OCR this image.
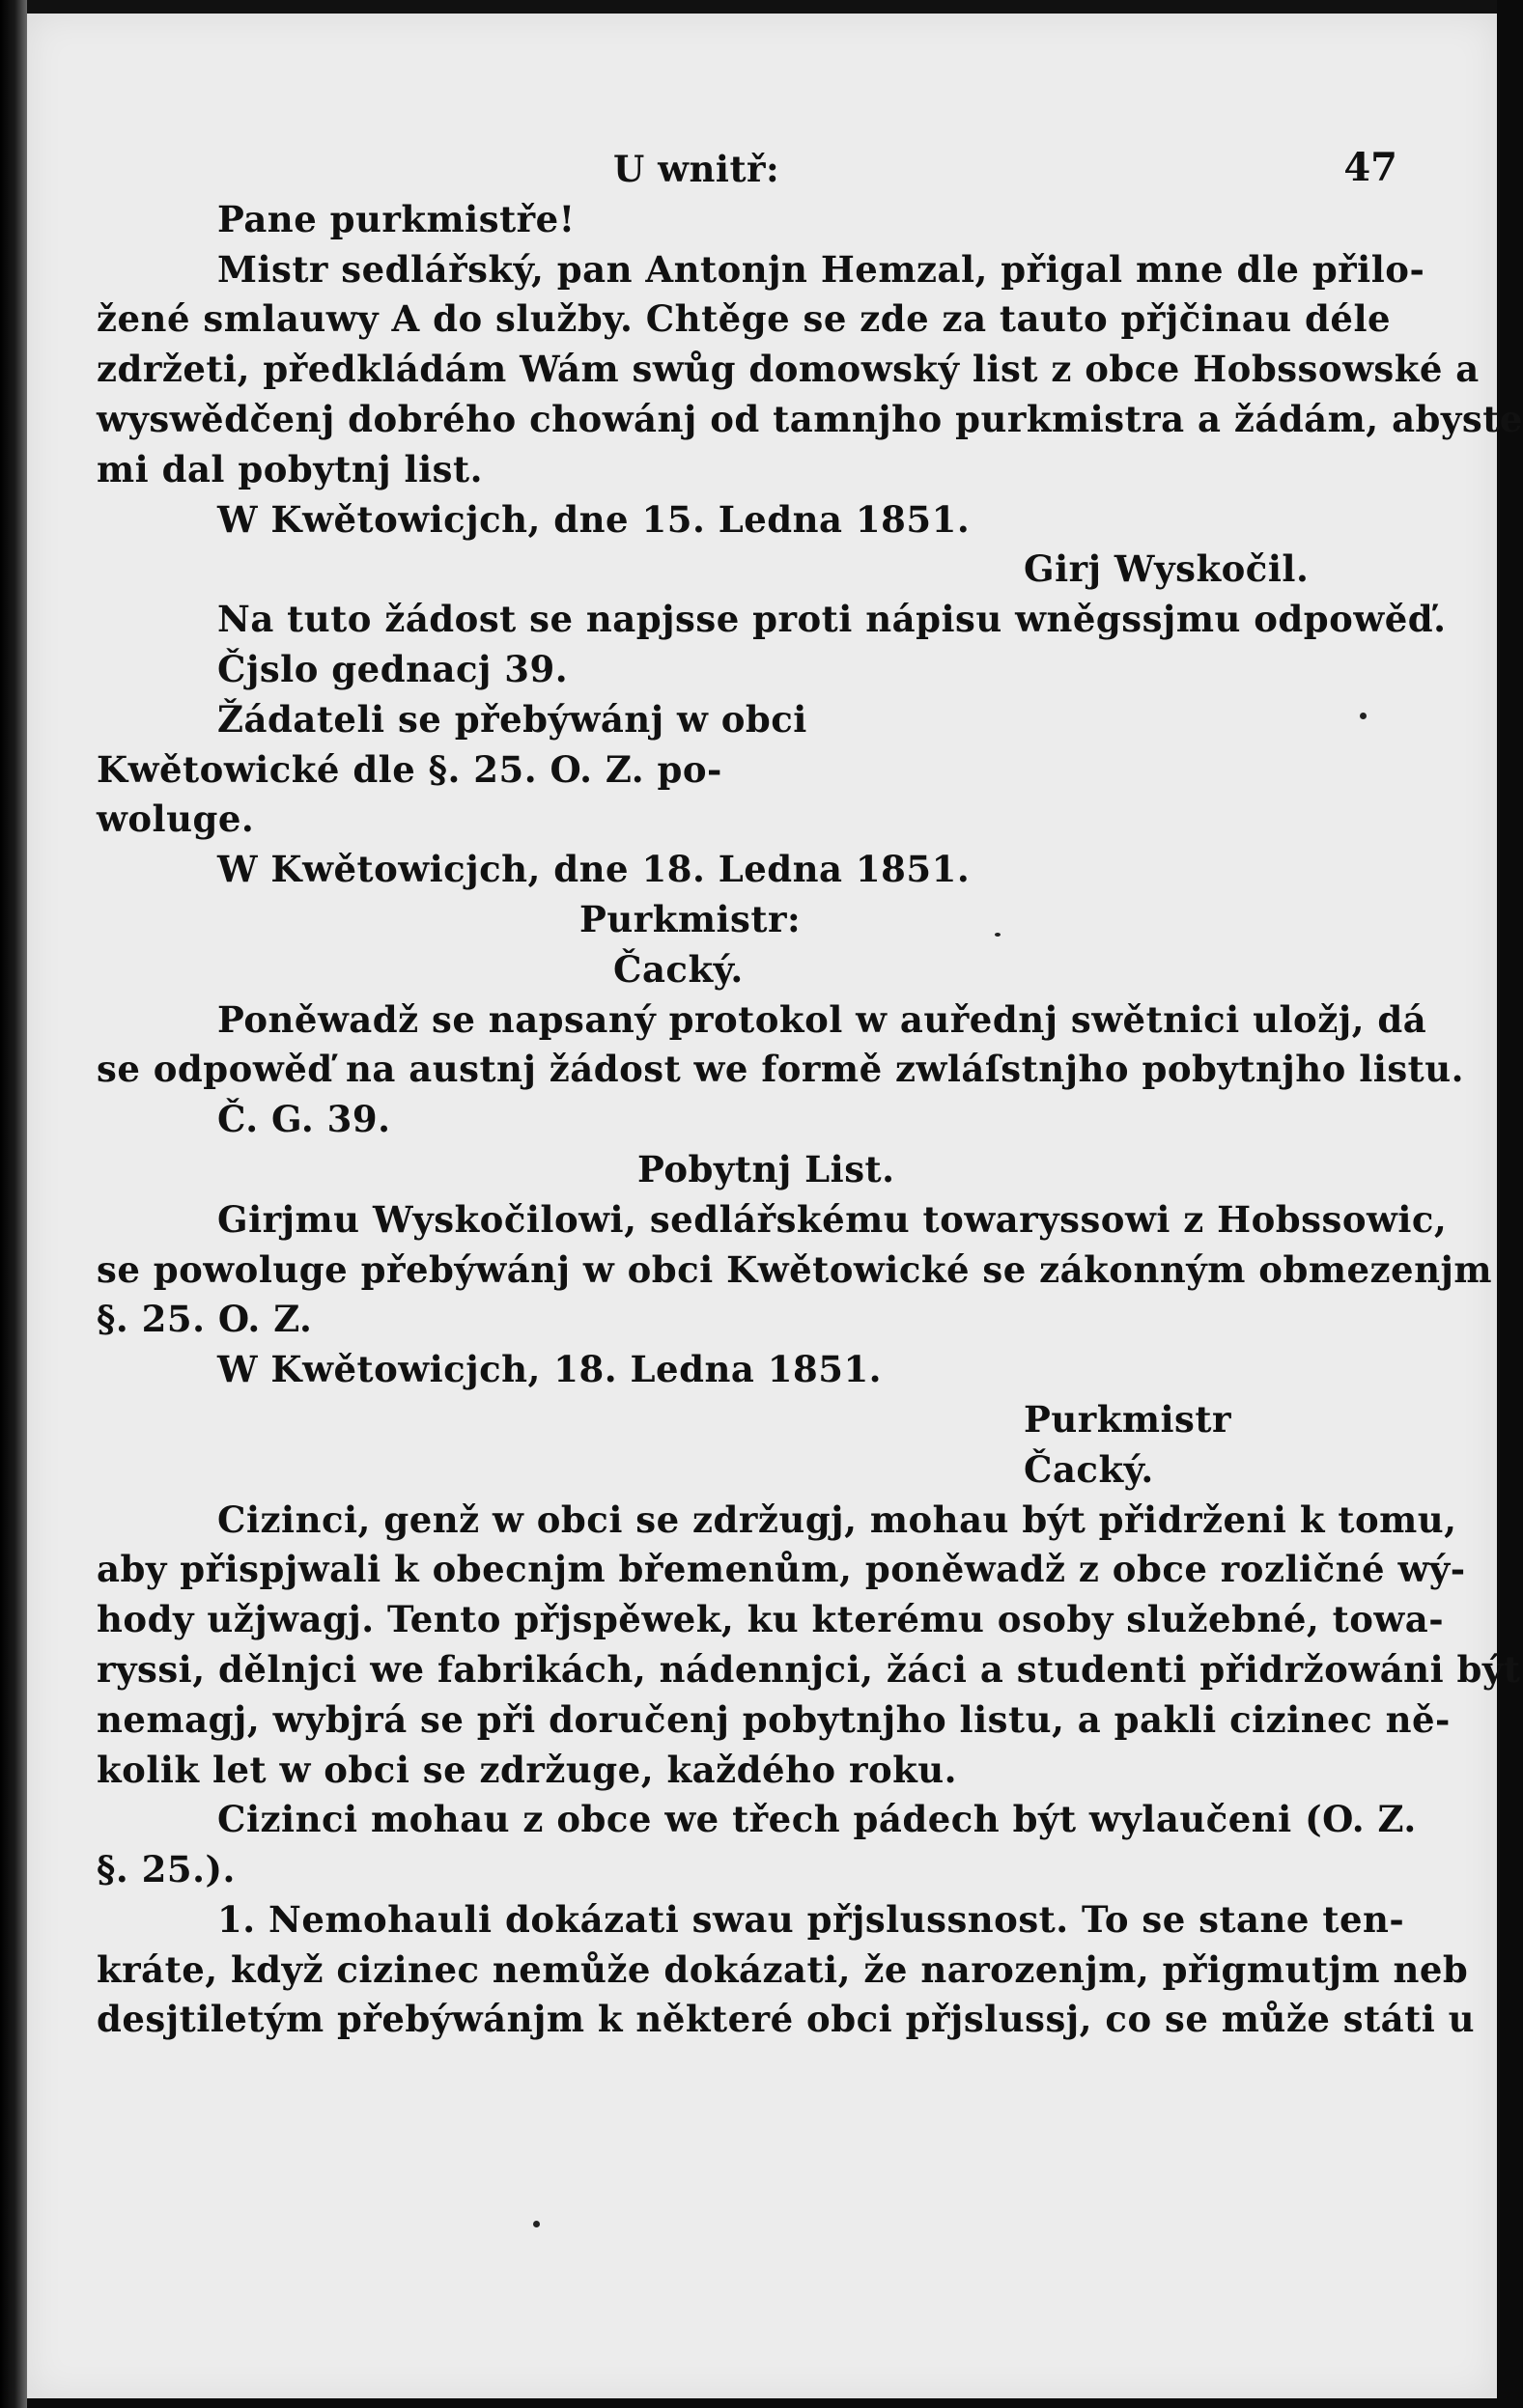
47
U wnitř:
Pane purkmistře!
Mistr sedlářský, pan Antonjn Hemzal, přigal mne dle přilo-
žené smlauwy A do služby. Chtěge se zde za tauto přjčinau déle
zdržeti, předkládám Wám swůg domowský list z obce Hobssowské a
wyswědčenj dobrého chowánj od tamnjho purkmistra a žádám, abyste
mi dal pobytnj list.
W Kwětowicjch, dne 15. Ledna 1851.
Girj Wyskočil.
Na tuto žádost se napjsse proti nápisu wněgssjmu odpowěď.
Čjslo gednacj 39.
Žádateli se přebýwánj w obci
Kwětowické dle §. 25. O. Z. po-
woluge.
W Kwětowicjch, dne 18. Ledna 1851.
Purkmistr:
Čacký.
Poněwadž se napsaný protokol w auřednj swětnici uložj, dá
se odpowěď na austnj žádost we formě zwláſstnjho pobytnjho listu.
Č. G. 39.
Pobytnj List.
Girjmu Wyskočilowi, sedlářskému towaryssowi z Hobssowic,
se powoluge přebýwánj w obci Kwětowické se zákonným obmezenjm
§. 25. O. Z.
W Kwětowicjch, 18. Ledna 1851.
Purkmistr
Čacký.
Cizinci, genž w obci se zdržugj, mohau být přidrženi k tomu,
aby přispjwali k obecnjm břemenům, poněwadž z obce rozličné wý-
hody užjwagj. Tento přjspěwek, ku kterému osoby služebné, towa-
ryssi, dělnjci we fabrikách, nádennjci, žáci a studenti přidržowáni být
nemagj, wybjrá se při doručenj pobytnjho listu, a pakli cizinec ně-
kolik let w obci se zdržuge, každého roku.
Cizinci mohau z obce we třech pádech být wylaučeni (O. Z.
§. 25.).
1. Nemohauli dokázati swau přjslussnost. To se stane ten-
kráte, když cizinec nemůže dokázati, že narozenjm, přigmutjm neb
desjtiletým přebýwánjm k některé obci přjslussj, co se může státi u
